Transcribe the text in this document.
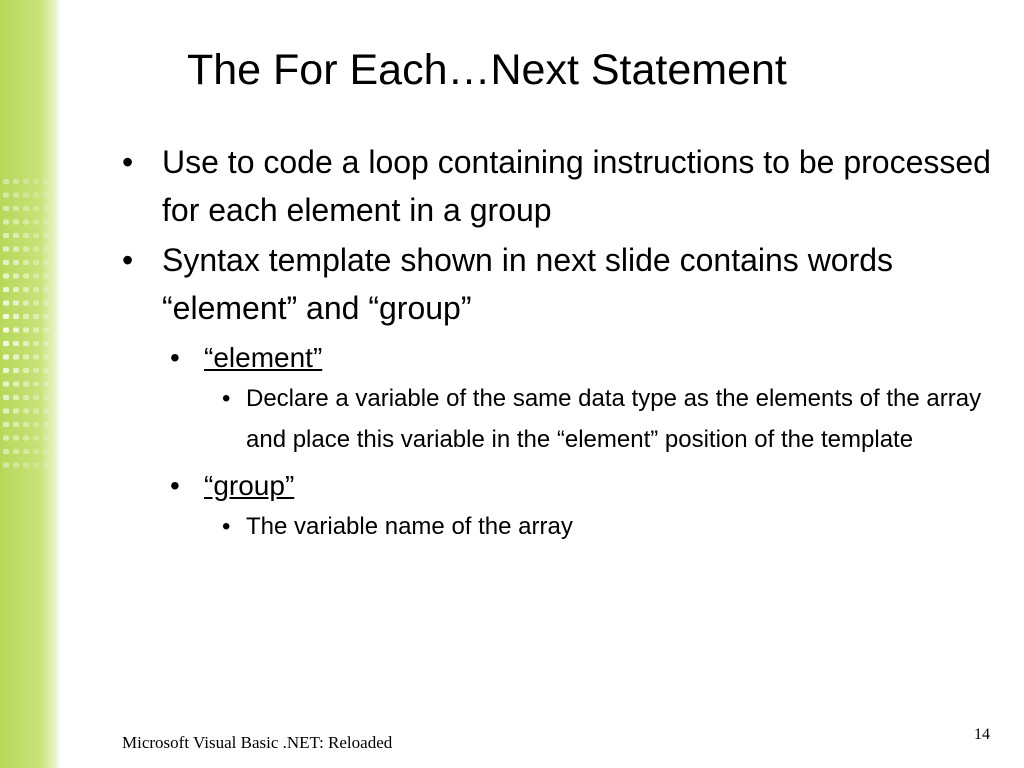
The For Each…Next Statement
• Use to code a loop containing instructions to be processed for each element in a group
• Syntax template shown in next slide contains words “element” and “group”
• “element”
• Declare a variable of the same data type as the elements of the array and place this variable in the “element” position of the template
• “group”
• The variable name of the array
Microsoft Visual Basic .NET: Reloaded	14
